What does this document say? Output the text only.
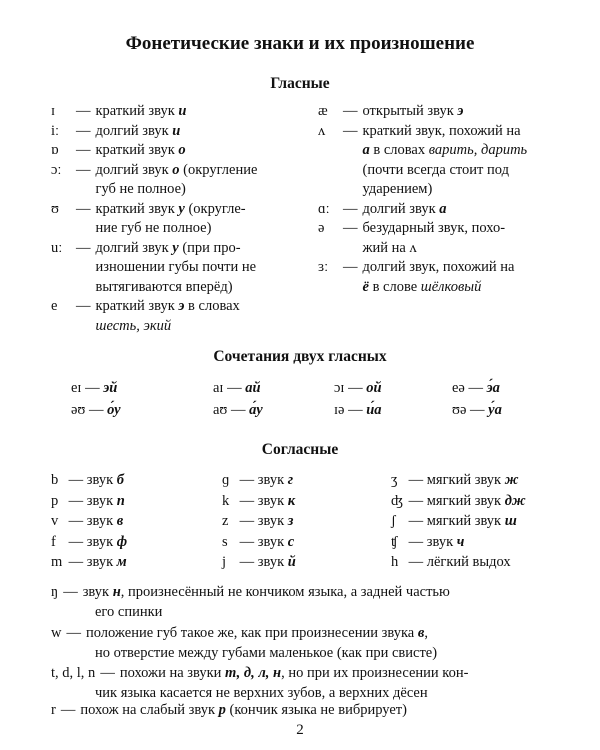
Фонетические знаки и их произношение
Гласные
ɪ	— краткий звук и
iː	— долгий звук и
ɒ	— краткий звук о
ɔː	— долгий звук о (округление
губ не полное)
ʊ	— краткий звук у (округле-
ние губ не полное)
uː — долгий звук у (при про-
изношении губы почти не
вытягиваются вперёд)
e	— краткий звук э в словах
шесть, экий
æ	— открытый звук э
ʌ	— краткий звук, похожий на
а в словах варить, дарить
(почти всегда стоит под
ударением)
ɑː — долгий звук а
ə	— безударный звук, похо-
жий на ʌ
ɜː	— долгий звук, похожий на
ё в слове шёлковый
Сочетания двух гласных
eɪ — эй	aɪ — ай	ɔɪ — ой	eə — э́а
əʊ — о́у	aʊ — а́у	ɪə — и́а	ʊə — у́а
Согласные
b — звук б	ɡ — звук г	ʒ — мягкий звук ж
p — звук п	k — звук к	ʤ — мягкий звук дж
v — звук в	z — звук з	ʃ — мягкий звук ш
f — звук ф	s — звук с	ʧ — звук ч
m — звук м	j — звук й	h — лёгкий выдох
ŋ — звук н, произнесённый не кончиком языка, а задней частью
его спинки
w — положение губ такое же, как при произнесении звука в,
но отверстие между губами маленькое (как при свисте)
t, d, l, n — похожи на звуки т, д, л, н, но при их произнесении кон-
чик языка касается не верхних зубов, а верхних дёсен
r — похож на слабый звук р (кончик языка не вибрирует)
2
